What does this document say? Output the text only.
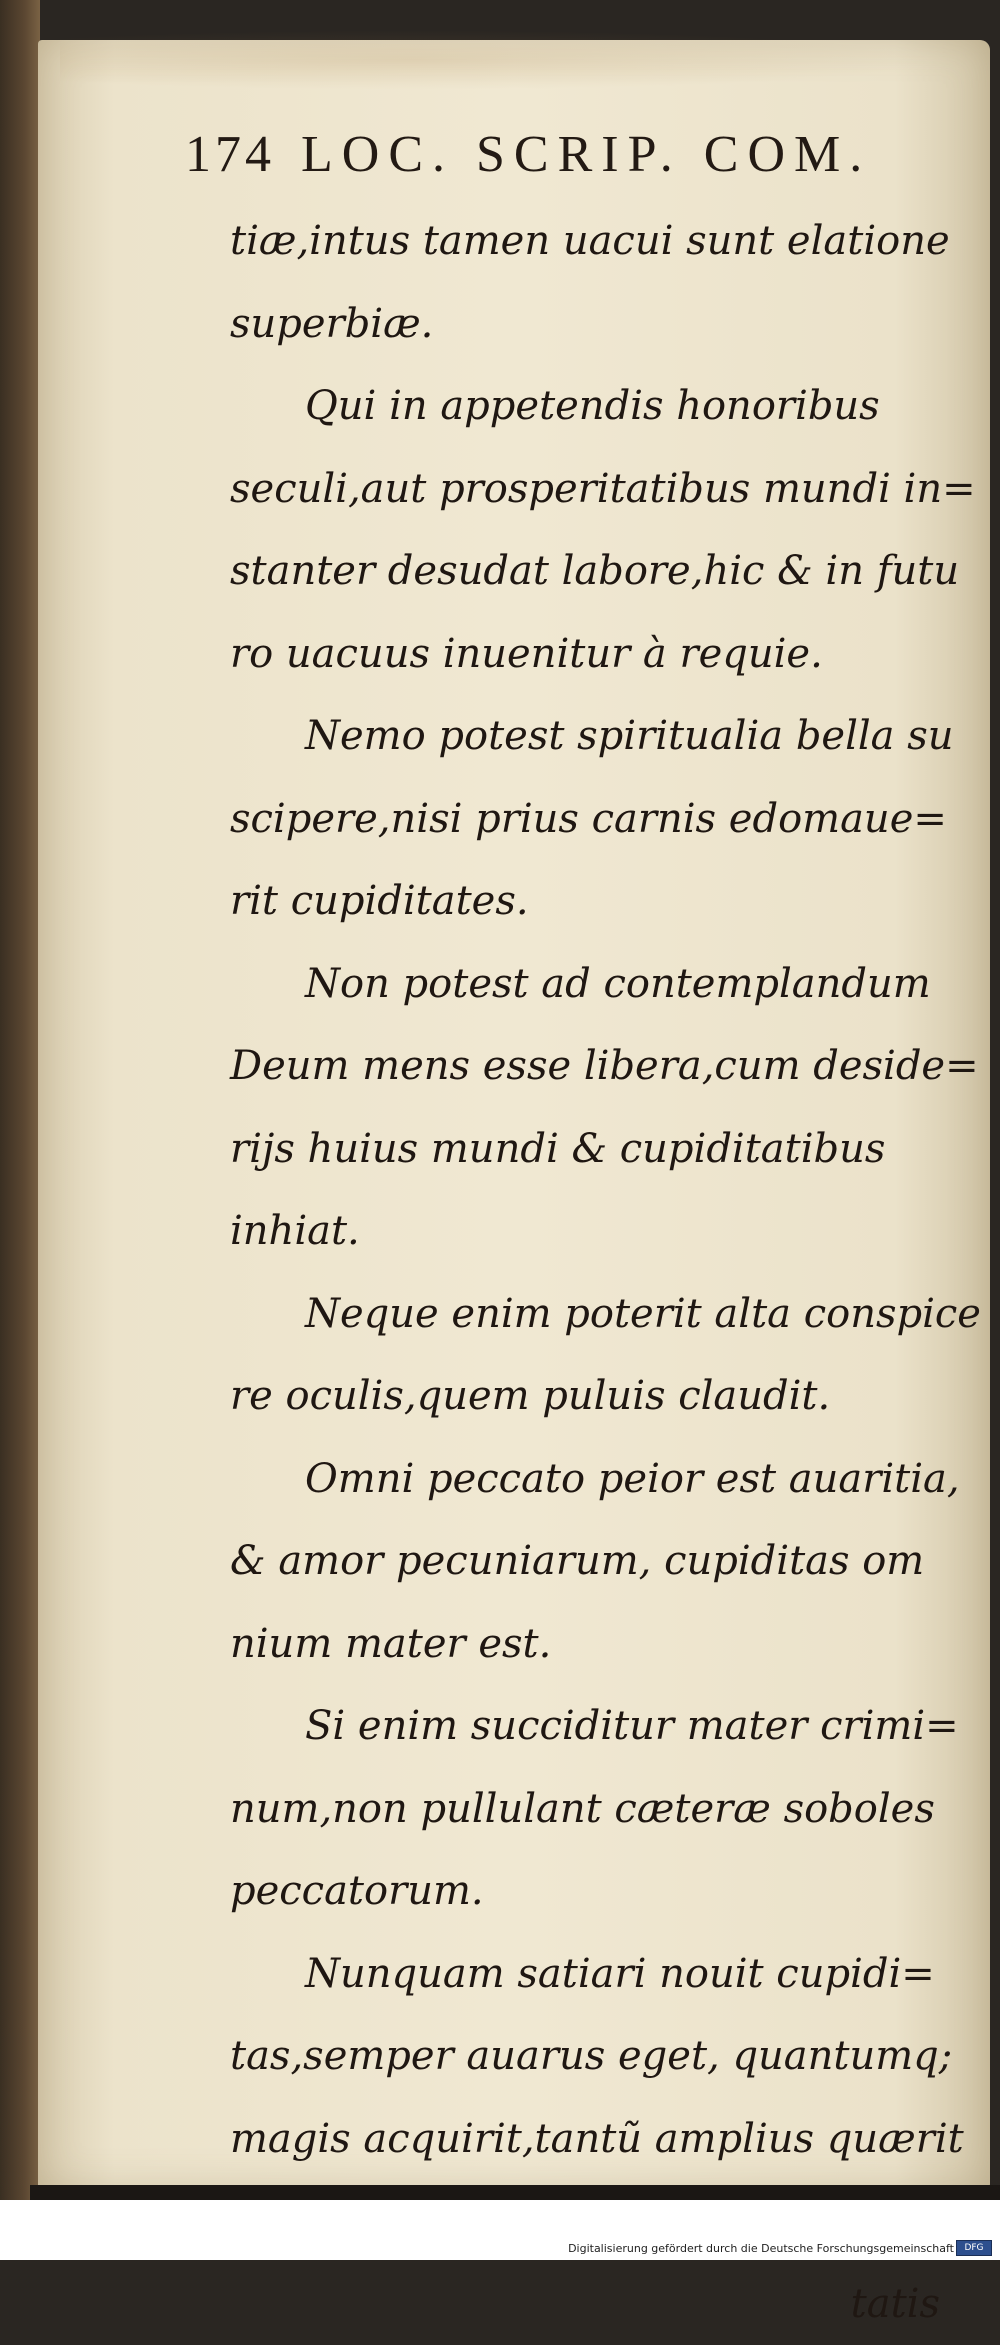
174 LOC. SCRIP. COM.
tiæ,intus tamen uacui sunt elatione
superbiæ.
Qui in appetendis honoribus
seculi,aut prosperitatibus mundi in=
stanter desudat labore,hic & in futu
ro uacuus inuenitur à requie.
Nemo potest spiritualia bella su
scipere,nisi prius carnis edomaue=
rit cupiditates.
Non potest ad contemplandum
Deum mens esse libera,cum deside=
rijs huius mundi & cupiditatibus
inhiat.
Neque enim poterit alta conspice
re oculis,quem puluis claudit.
Omni peccato peior est auaritia,
& amor pecuniarum, cupiditas om
nium mater est.
Si enim succiditur mater crimi=
num,non pullulant cæteræ soboles
peccatorum.
Nunquam satiari nouit cupidi=
tas,semper auarus eget, quantumq;
magis acquirit,tantũ amplius quærit
tatis
Digitalisierung gefördert durch die Deutsche Forschungsgemeinschaft	DFG
